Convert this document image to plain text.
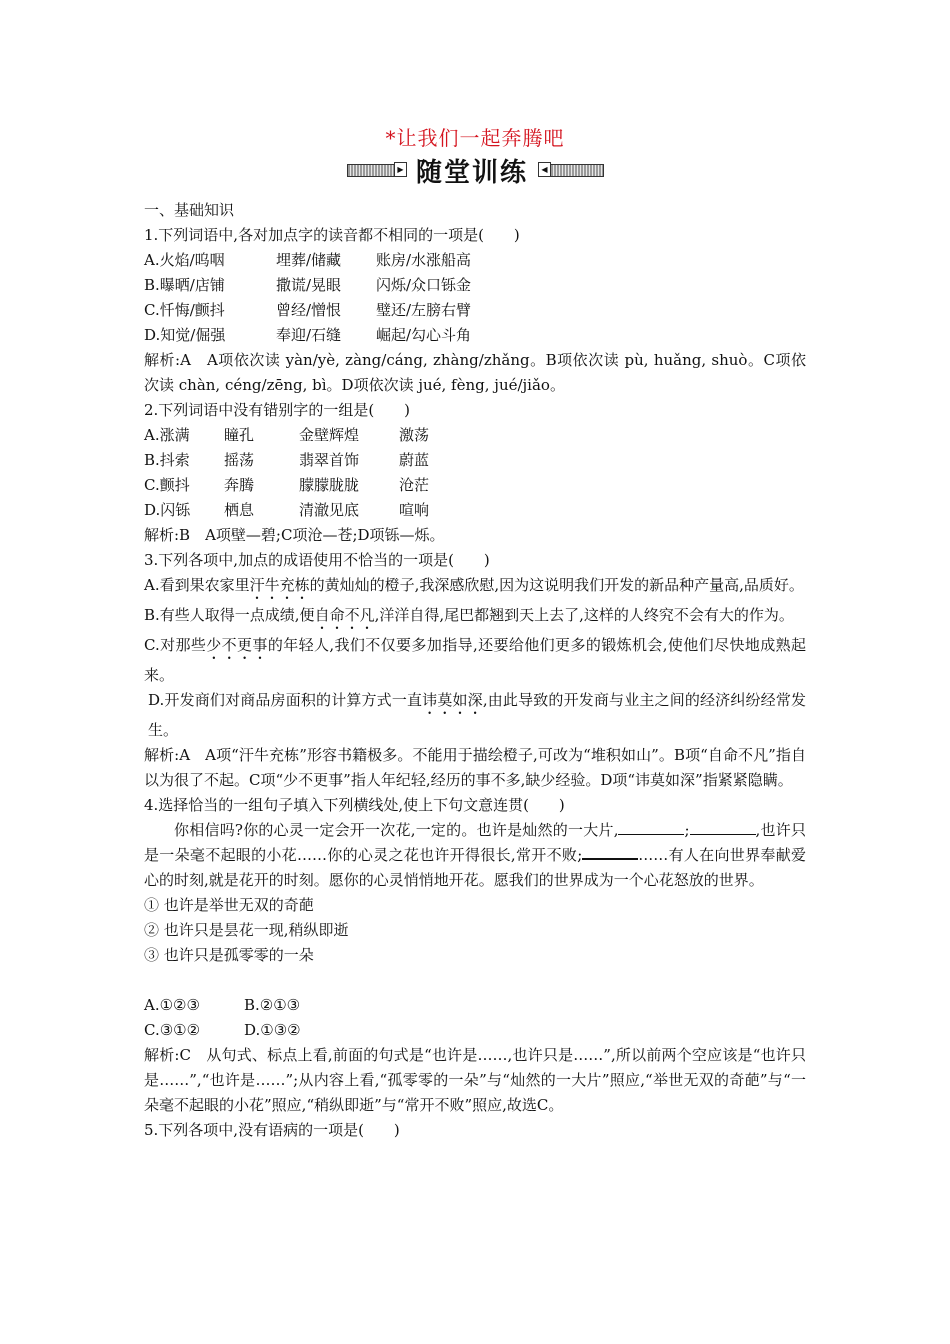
*让我们一起奔腾吧
▶ 随堂训练	◀
一、基础知识
1.下列词语中,各对加点字的读音都不相同的一项是(　　)
A.火焰/呜咽	埋葬/储藏 账房/水涨船高
B.曝晒/店铺	撒谎/晃眼 闪烁/众口铄金
C.忏悔/颤抖	曾经/憎恨 璧还/左膀右臂
D.知觉/倔强	奉迎/石缝 崛起/勾心斗角
解析:A　A项依次读 yàn/yè, zàng/cáng, zhàng/zhǎng。B项依次读 pù, huǎng, shuò。C项依次读 chàn, céng/zēng, bì。D项依次读 jué, fèng, jué/jiǎo。
2.下列词语中没有错别字的一组是(　　)
A.涨满 瞳孔	金壁辉煌	激荡
B.抖索 摇荡	翡翠首饰	蔚蓝
C.颤抖 奔腾	朦朦胧胧	沧茫
D.闪铄 栖息	清澈见底	喧响
解析:B　A项壁—碧;C项沧—苍;D项铄—烁。
3.下列各项中,加点的成语使用不恰当的一项是(　　)
A.看到果农家里汗牛充栋的黄灿灿的橙子,我深感欣慰,因为这说明我们开发的新品种产量高,品质好。
B.有些人取得一点成绩,便自命不凡,洋洋自得,尾巴都翘到天上去了,这样的人终究不会有大的作为。
C.对那些少不更事的年轻人,我们不仅要多加指导,还要给他们更多的锻炼机会,使他们尽快地成熟起来。
D.开发商们对商品房面积的计算方式一直讳莫如深,由此导致的开发商与业主之间的经济纠纷经常发生。
解析:A　A项“汗牛充栋”形容书籍极多。不能用于描绘橙子,可改为“堆积如山”。B项“自命不凡”指自以为很了不起。C项“少不更事”指人年纪轻,经历的事不多,缺少经验。D项“讳莫如深”指紧紧隐瞒。
4.选择恰当的一组句子填入下列横线处,使上下句文意连贯(　　)
你相信吗?你的心灵一定会开一次花,一定的。也许是灿然的一大片,	;	,也许只是一朵毫不起眼的小花……你的心灵之花也许开得很长,常开不败;	……有人在向世界奉献爱心的时刻,就是花开的时刻。愿你的心灵悄悄地开花。愿我们的世界成为一个心花怒放的世界。
① 也许是举世无双的奇葩
② 也许只是昙花一现,稍纵即逝
③ 也许只是孤零零的一朵
A.①②③	B.②①③
C.③①②	D.①③②
解析:C　从句式、标点上看,前面的句式是“也许是……,也许只是……”,所以前两个空应该是“也许只是……”,“也许是……”;从内容上看,“孤零零的一朵”与“灿然的一大片”照应,“举世无双的奇葩”与“一朵毫不起眼的小花”照应,“稍纵即逝”与“常开不败”照应,故选C。
5.下列各项中,没有语病的一项是(　　)
